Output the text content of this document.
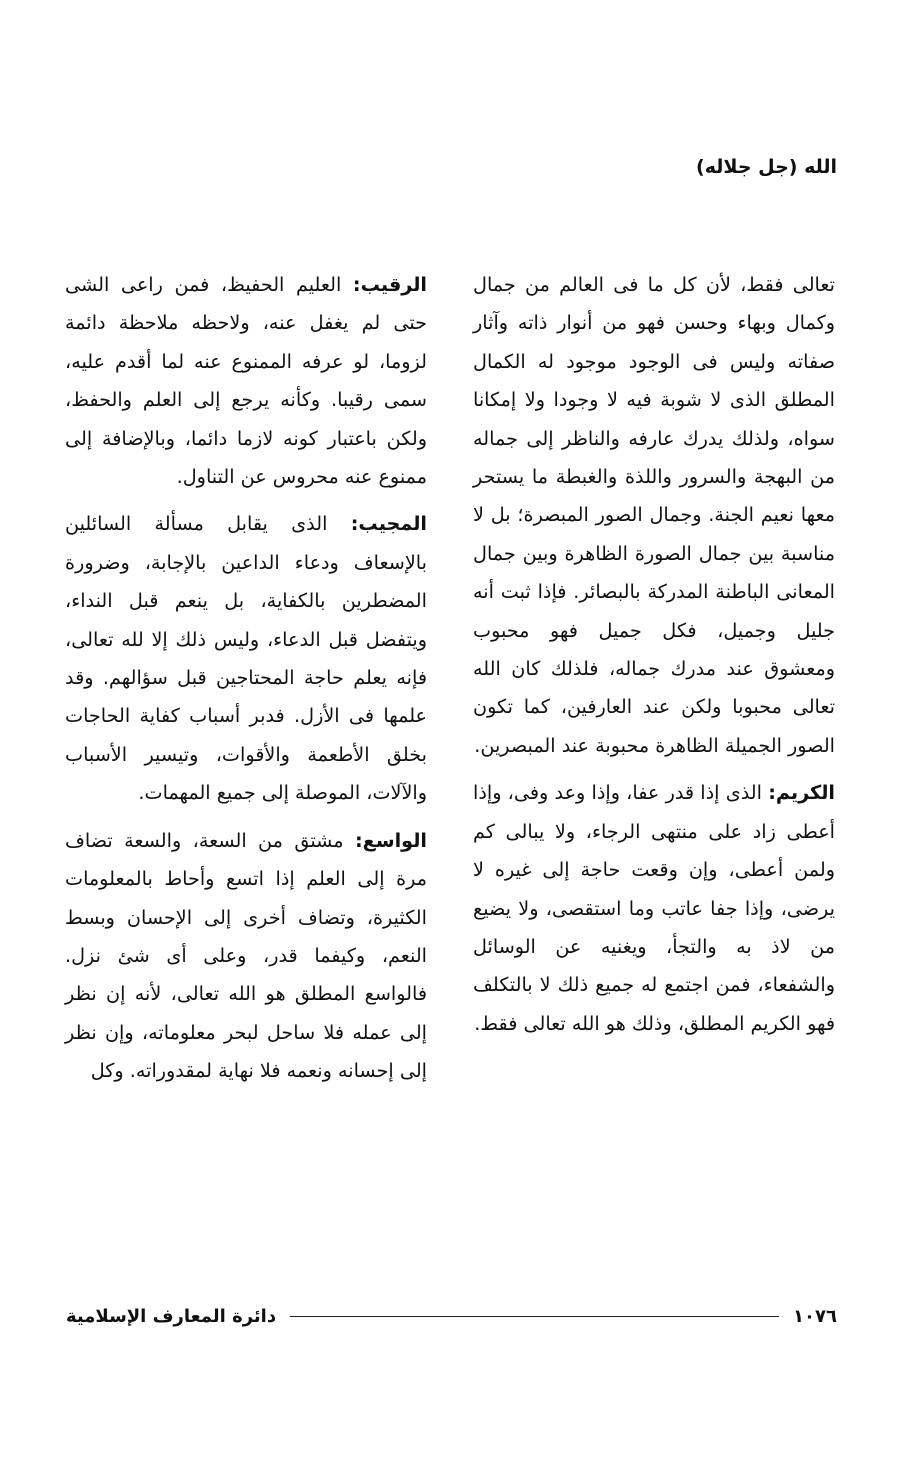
الله (جل جلاله)

تعالى فقط، لأن كل ما فى العالم من جمال وكمال وبهاء وحسن فهو من أنوار ذاته وآثار صفاته وليس فى الوجود موجود له الكمال المطلق الذى لا شوبة فيه لا وجودا ولا إمكانا سواه، ولذلك يدرك عارفه والناظر إلى جماله من البهجة والسرور واللذة والغبطة ما يستحر معها نعيم الجنة. وجمال الصور المبصرة؛ بل لا مناسبة بين جمال الصورة الظاهرة وبين جمال المعانى الباطنة المدركة بالبصائر. فإذا ثبت أنه جليل وجميل، فكل جميل فهو محبوب ومعشوق عند مدرك جماله، فلذلك كان الله تعالى محبوبا ولكن عند العارفين، كما تكون الصور الجميلة الظاهرة محبوبة عند المبصرين.

الكريم: الذى إذا قدر عفا، وإذا وعد وفى، وإذا أعطى زاد على منتهى الرجاء، ولا يبالى كم ولمن أعطى، وإن وقعت حاجة إلى غيره لا يرضى، وإذا جفا عاتب وما استقصى، ولا يضيع من لاذ به والتجأ، ويغنيه عن الوسائل والشفعاء، فمن اجتمع له جميع ذلك لا بالتكلف فهو الكريم المطلق، وذلك هو الله تعالى فقط.

الرقيب: العليم الحفيظ، فمن راعى الشى حتى لم يغفل عنه، ولاحظه ملاحظة دائمة لزوما، لو عرفه الممنوع عنه لما أقدم عليه، سمى رقيبا. وكأنه يرجع إلى العلم والحفظ، ولكن باعتبار كونه لازما دائما، وبالإضافة إلى ممنوع عنه محروس عن التناول.

المجيب: الذى يقابل مسألة السائلين بالإسعاف ودعاء الداعين بالإجابة، وضرورة المضطرين بالكفاية، بل ينعم قبل النداء، ويتفضل قبل الدعاء، وليس ذلك إلا لله تعالى، فإنه يعلم حاجة المحتاجين قبل سؤالهم. وقد علمها فى الأزل. فدبر أسباب كفاية الحاجات بخلق الأطعمة والأقوات، وتيسير الأسباب والآلات، الموصلة إلى جميع المهمات.

الواسع: مشتق من السعة، والسعة تضاف مرة إلى العلم إذا اتسع وأحاط بالمعلومات الكثيرة، وتضاف أخرى إلى الإحسان وبسط النعم، وكيفما قدر، وعلى أى شئ نزل. فالواسع المطلق هو الله تعالى، لأنه إن نظر إلى عمله فلا ساحل لبحر معلوماته، وإن نظر إلى إحسانه ونعمه فلا نهاية لمقدوراته. وكل

١٠٧٦
دائرة المعارف الإسلامية
